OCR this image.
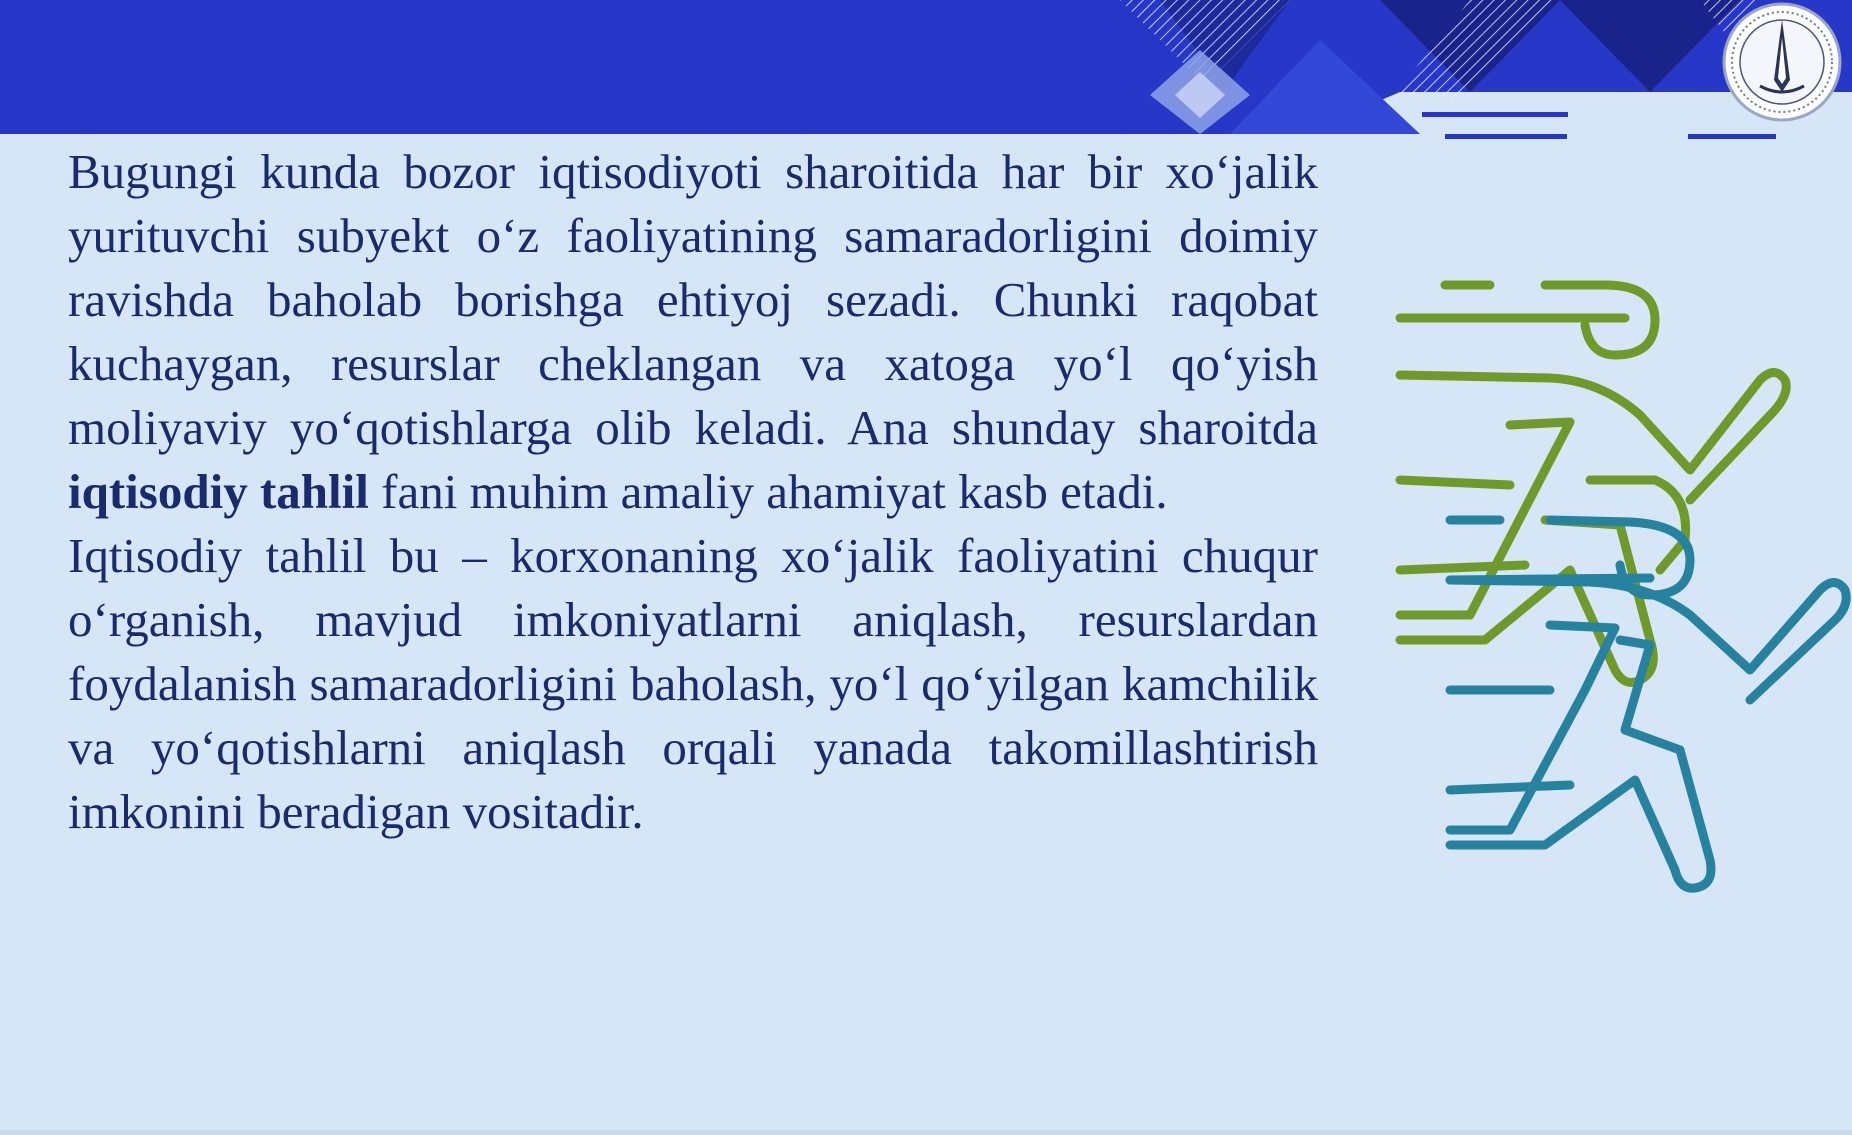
Bugungi kunda bozor iqtisodiyoti sharoitida har bir xo‘jalik yurituvchi subyekt o‘z faoliyatining samaradorligini doimiy ravishda baholab borishga ehtiyoj sezadi. Chunki raqobat kuchaygan, resurslar cheklangan va xatoga yo‘l qo‘yish moliyaviy yo‘qotishlarga olib keladi. Ana shunday sharoitda iqtisodiy tahlil fani muhim amaliy ahamiyat kasb etadi.

Iqtisodiy tahlil bu – korxonaning xo‘jalik faoliyatini chuqur o‘rganish, mavjud imkoniyatlarni aniqlash, resurslardan foydalanish samaradorligini baholash, yo‘l qo‘yilgan kamchilik va yo‘qotishlarni aniqlash orqali yanada takomillashtirish imkonini beradigan vositadir.
